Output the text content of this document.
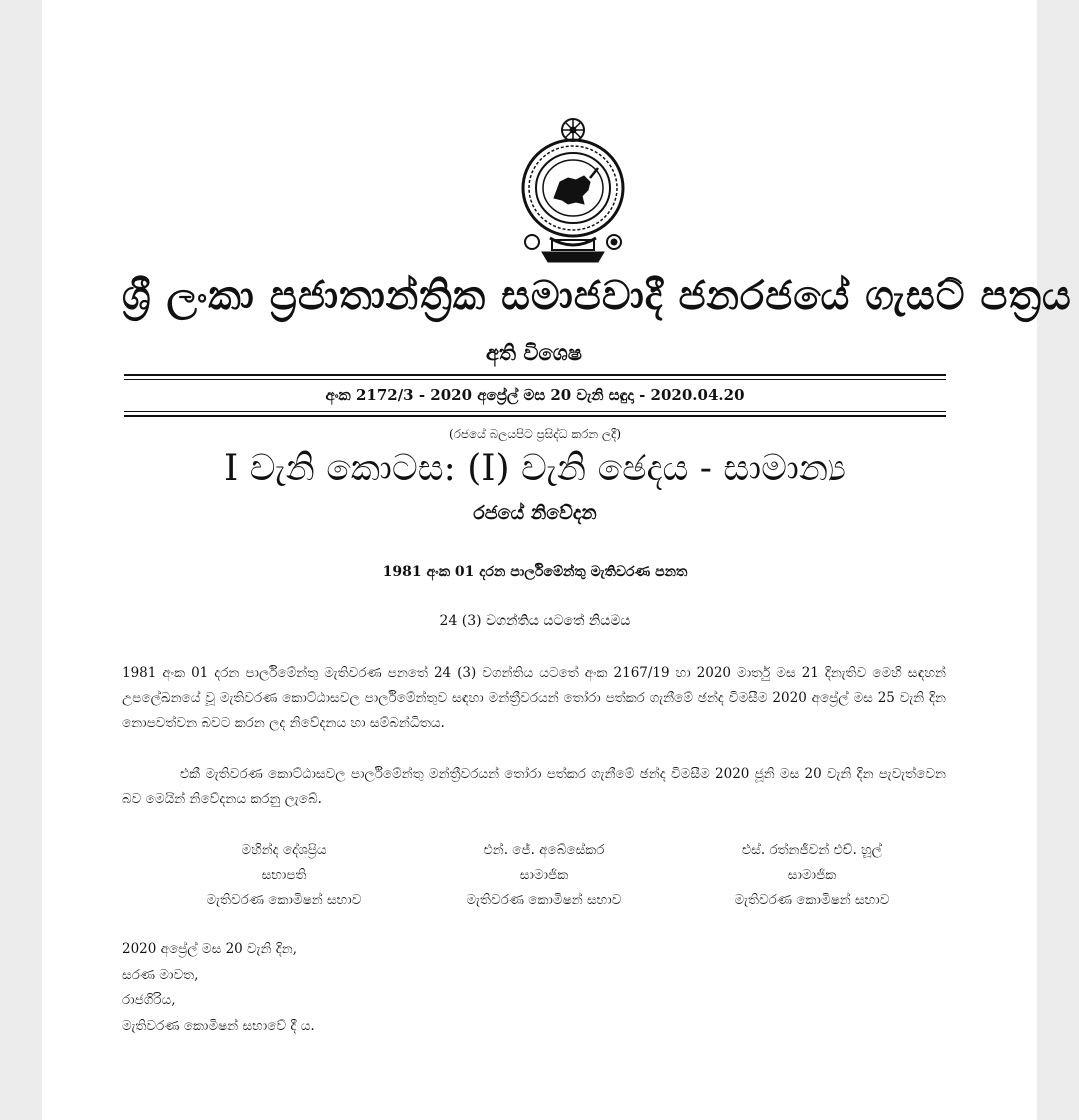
ශ්‍රී ලංකා ප්‍රජාතාන්ත්‍රික සමාජවාදී ජනරජයේ ගැසට් පත්‍රය
අති විශෙෂ
අංක 2172/3 - 2020 අප්‍රේල් මස 20 වැනි සඳුදා - 2020.04.20
(රජයේ බලයපිට ප්‍රසිද්ධ කරන ලදී)
I වැනි කොටස: (I) වැනි ඡෙදය - සාමාන්‍ය
රජයේ නිවේදන
1981 අංක 01 දරන පාර්ලිමේන්තු මැතිවරණ පනත
24 (3) වගන්තිය යටතේ නියමය
1981 අංක 01 දරන පාර්ලිමේන්තු මැතිවරණ පනතේ 24 (3) වගන්තිය යටතේ අංක 2167/19 හා 2020 මාර්තු මස 21 දිනැතිව මෙහි සඳහන් උපලේඛනයේ වූ මැතිවරණ කොට්ඨාසවල පාර්ලිමේන්තුව සඳහා මන්ත්‍රීවරයන් තෝරා පත්කර ගැනීමේ ඡන්ද විමසීම 2020 අප්‍රේල් මස 25 වැනි දින නොපවත්වන බවට කරන ලද නිවේදනය හා සම්බන්ධිතය.
එකී මැතිවරණ කොට්ඨාසවල පාර්ලිමේන්තු මන්ත්‍රීවරයන් තෝරා පත්කර ගැනීමේ ඡන්ද විමසීම 2020 ජූනි මස 20 වැනි දින පැවැත්වෙන බව මෙයින් නිවේදනය කරනු ලැබේ.
මහින්ද දේශප්‍රිය
සභාපති
මැතිවරණ කොමිෂන් සභාව
එන්. ජේ. අබේසේකර
සාමාජික
මැතිවරණ කොමිෂන් සභාව
එස්. රත්නජීවන් එච්. හූල්
සාමාජික
මැතිවරණ කොමිෂන් සභාව
2020 අප්‍රේල් මස 20 වැනි දින,
සරණ මාවත,
රාජගිරිය,
මැතිවරණ කොමිෂන් සභාවේ දී ය.
